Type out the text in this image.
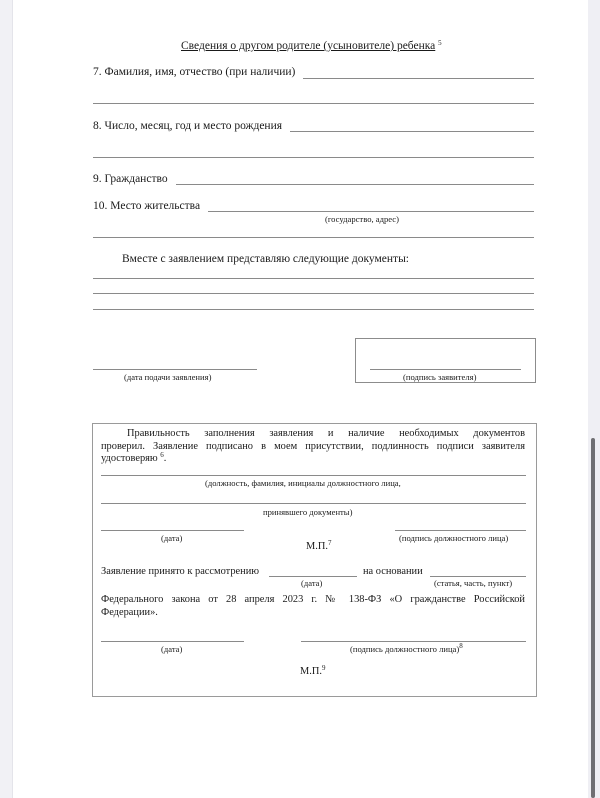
Сведения о другом родителе (усыновителе) ребенка $^5$
7. Фамилия, имя, отчество (при наличии)
8. Число, месяц, год и место рождения
9. Гражданство
10. Место жительства
(государство, адрес)
Вместе с заявлением представляю следующие документы:
(дата подачи заявления)	(подпись заявителя)
Правильность заполнения заявления и наличие необходимых документов
проверил. Заявление подписано в моем присутствии, подлинность подписи заявителя удостоверяю $^6$.
(должность, фамилия, инициалы должностного лица,
принявшего документы)
(дата)	(подпись должностного лица)
М.П.$^7$
Заявление принято к рассмотрению
(дата)
на основании
(статья, часть, пункт)
Федерального закона от 28 апреля 2023 г. № 138-ФЗ «О гражданстве Российской
Федерации».
(дата)	(подпись должностного лица)$^8$
М.П.$^9$
